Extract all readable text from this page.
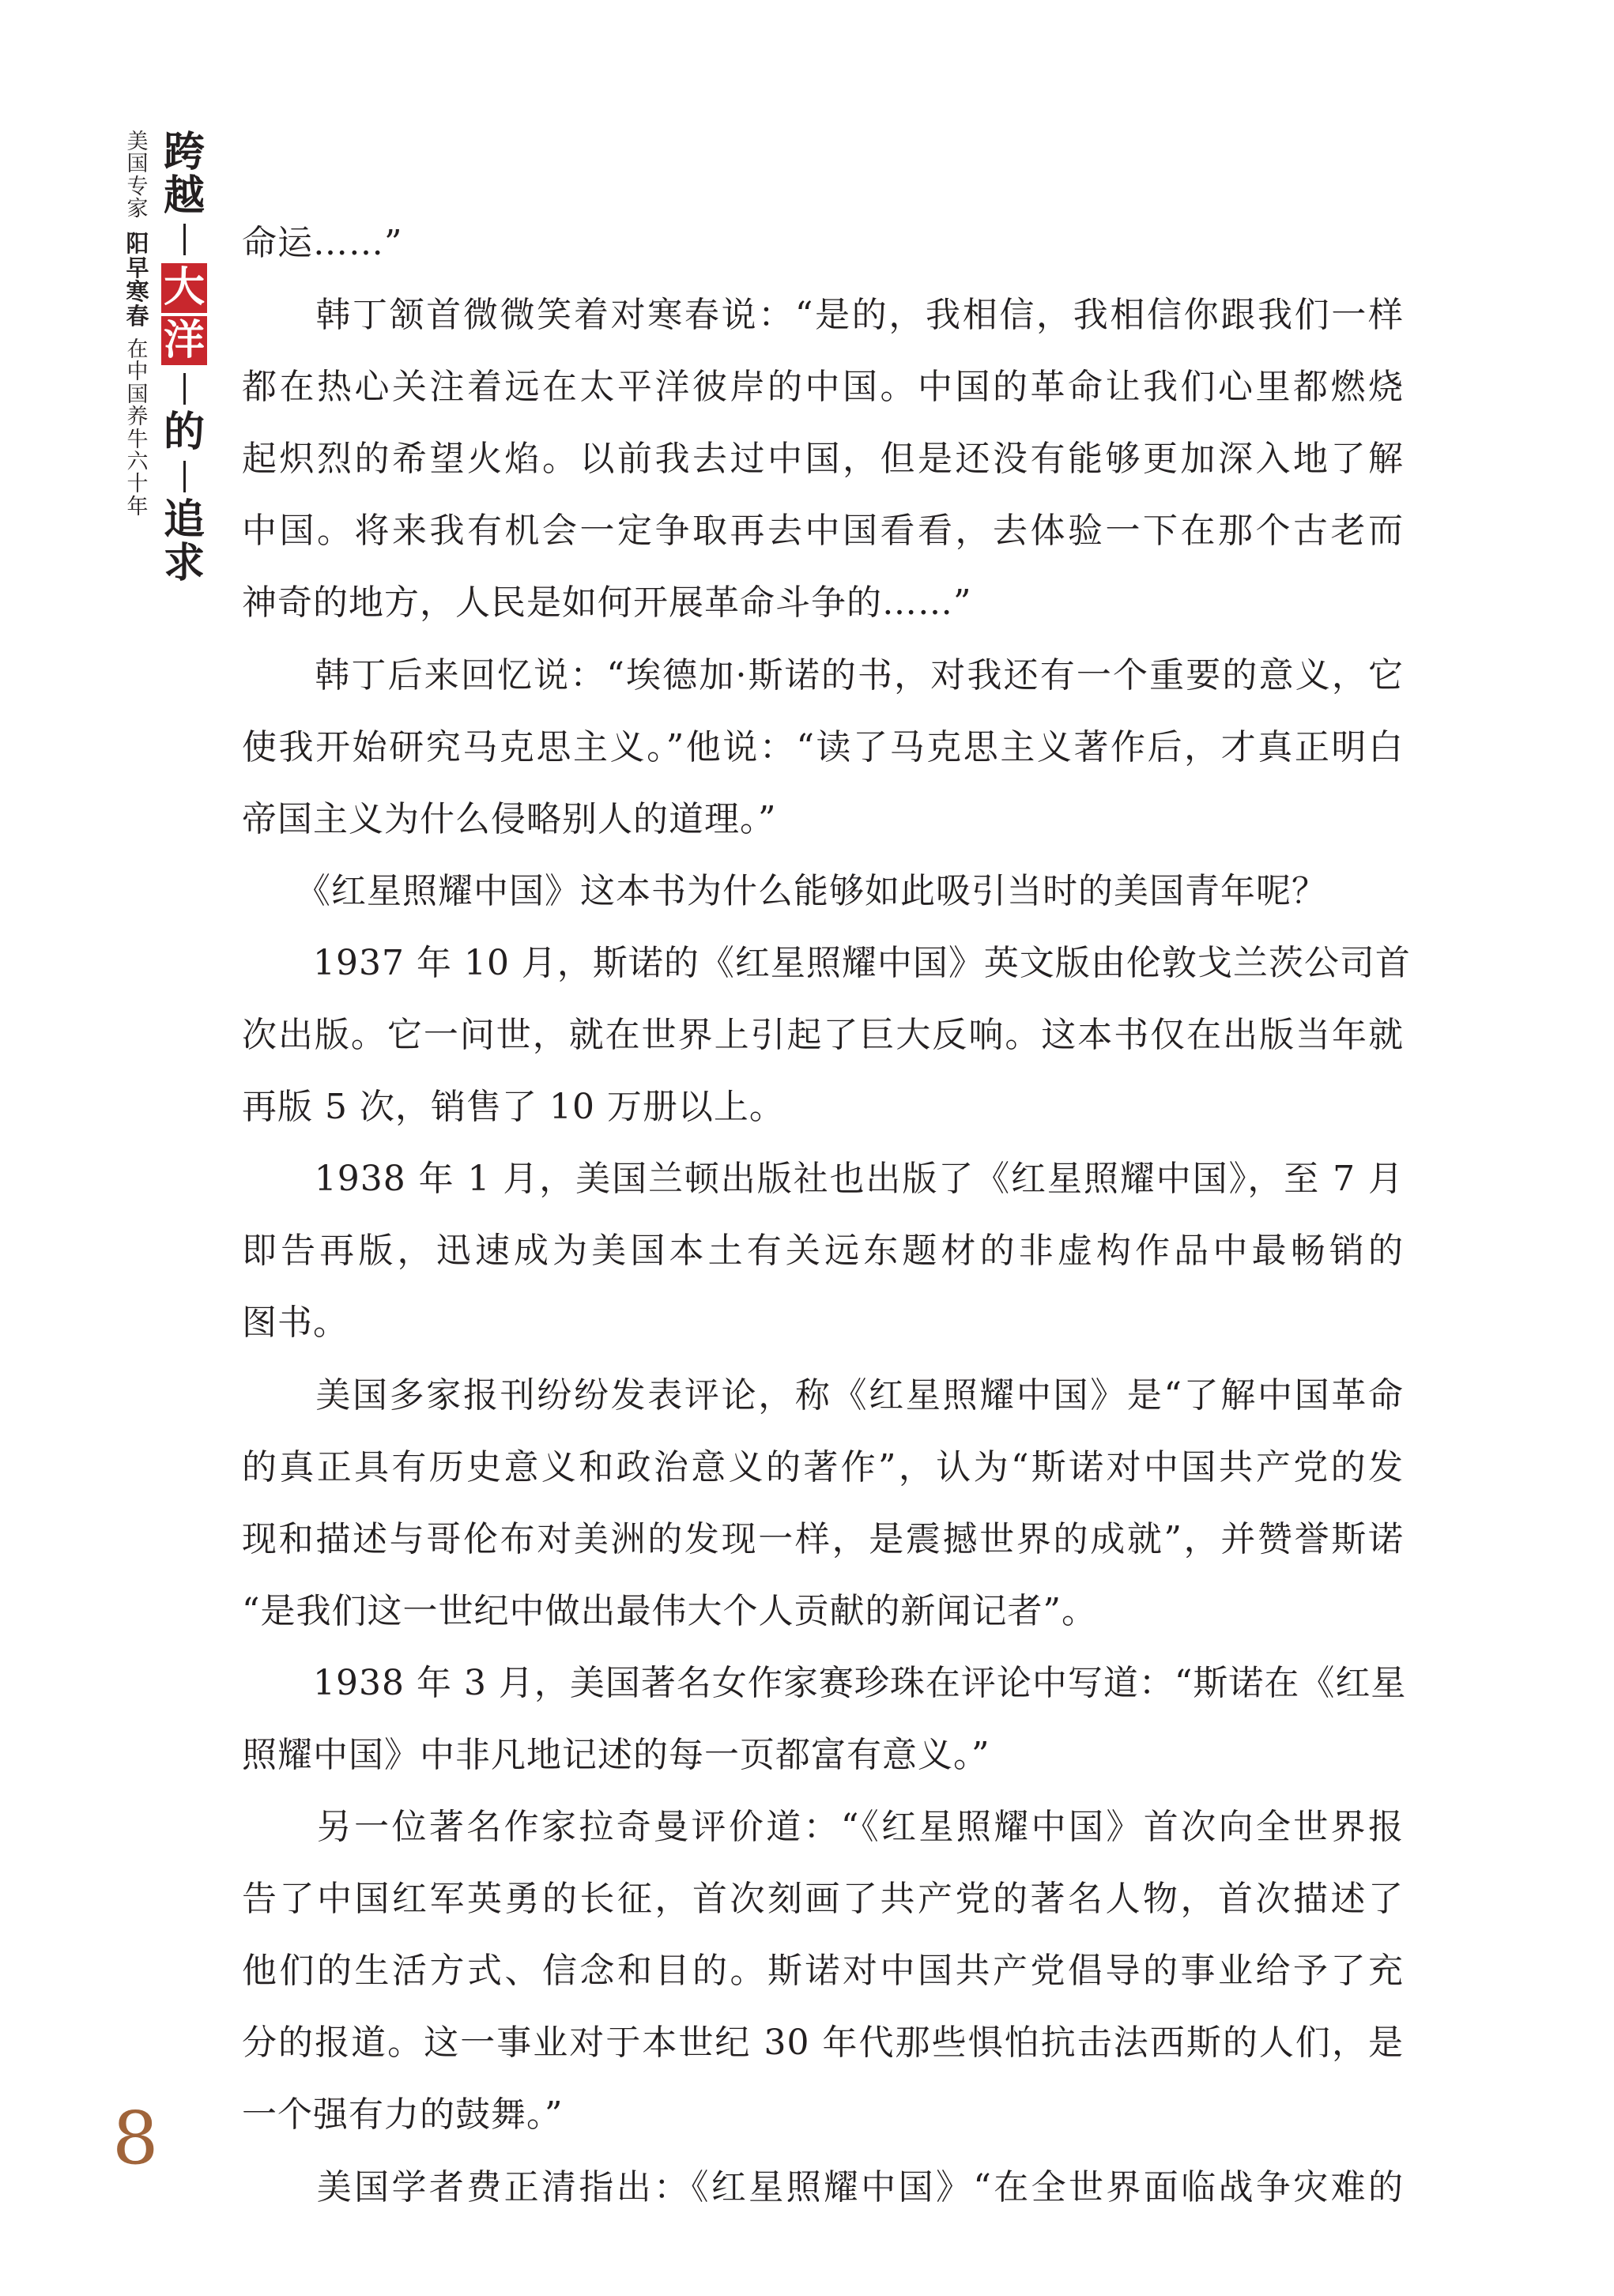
美
国
专
家
阳
早
寒
春
在
中
国
养
牛
六
十
年
跨
越
大
洋
的
追
求
命运……”
　　韩丁颔首微微笑着对寒春说：“是的，我相信，我相信你跟我们一样
都在热心关注着远在太平洋彼岸的中国。中国的革命让我们心里都燃烧
起炽烈的希望火焰。以前我去过中国，但是还没有能够更加深入地了解
中国。将来我有机会一定争取再去中国看看，去体验一下在那个古老而
神奇的地方，人民是如何开展革命斗争的……”
　　韩丁后来回忆说：“埃德加·斯诺的书，对我还有一个重要的意义，它
使我开始研究马克思主义。”他说：“读了马克思主义著作后，才真正明白
帝国主义为什么侵略别人的道理。”
　　《红星照耀中国》这本书为什么能够如此吸引当时的美国青年呢？
　　1937 年 10 月，斯诺的《红星照耀中国》英文版由伦敦戈兰茨公司首
次出版。它一问世，就在世界上引起了巨大反响。这本书仅在出版当年就
再版 5 次，销售了 10 万册以上。
　　1938 年 1 月，美国兰顿出版社也出版了《红星照耀中国》，至 7 月
即告再版，迅速成为美国本土有关远东题材的非虚构作品中最畅销的
图书。
　　美国多家报刊纷纷发表评论，称《红星照耀中国》是“了解中国革命
的真正具有历史意义和政治意义的著作”，认为“斯诺对中国共产党的发
现和描述与哥伦布对美洲的发现一样，是震撼世界的成就”，并赞誉斯诺
“是我们这一世纪中做出最伟大个人贡献的新闻记者”。
　　1938 年 3 月，美国著名女作家赛珍珠在评论中写道：“斯诺在《红星
照耀中国》中非凡地记述的每一页都富有意义。”
　　另一位著名作家拉奇曼评价道：“《红星照耀中国》首次向全世界报
告了中国红军英勇的长征，首次刻画了共产党的著名人物，首次描述了
他们的生活方式、信念和目的。斯诺对中国共产党倡导的事业给予了充
分的报道。这一事业对于本世纪 30 年代那些惧怕抗击法西斯的人们，是
一个强有力的鼓舞。”
　　美国学者费正清指出：《红星照耀中国》“在全世界面临战争灾难的
8
